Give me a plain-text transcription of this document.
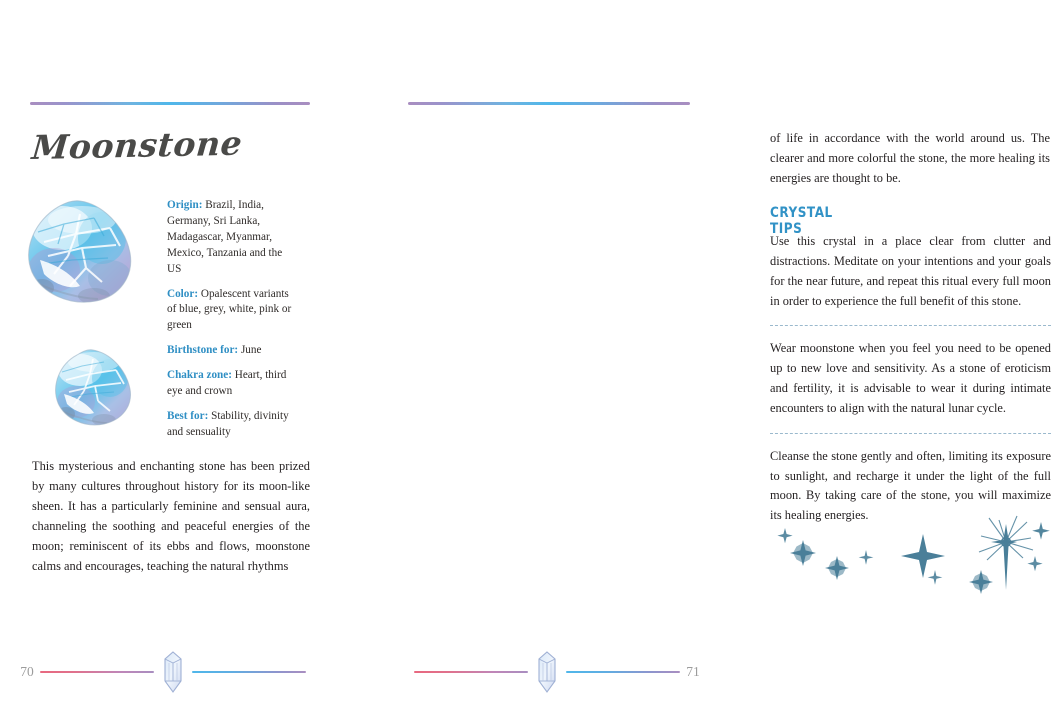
Moonstone
Origin: Brazil, India, Germany, Sri Lanka, Madagascar, Myanmar, Mexico, Tanzania and the US
Color: Opalescent variants of blue, grey, white, pink or green
Birthstone for: June
Chakra zone: Heart, third eye and crown
Best for: Stability, divinity and sensuality
This mysterious and enchanting stone has been prized by many cultures throughout history for its moon-like sheen. It has a particularly feminine and sensual aura, channeling the soothing and peaceful energies of the moon; reminiscent of its ebbs and flows, moonstone calms and encourages, teaching the natural rhythms
70

of life in accordance with the world around us. The clearer and more colorful the stone, the more healing its energies are thought to be.

CRYSTAL TIPS
Use this crystal in a place clear from clutter and distractions. Meditate on your intentions and your goals for the near future, and repeat this ritual every full moon in order to experience the full benefit of this stone.
Wear moonstone when you feel you need to be opened up to new love and sensitivity. As a stone of eroticism and fertility, it is advisable to wear it during intimate encounters to align with the natural lunar cycle.
Cleanse the stone gently and often, limiting its exposure to sunlight, and recharge it under the light of the full moon. By taking care of the stone, you will maximize its healing energies.
71
